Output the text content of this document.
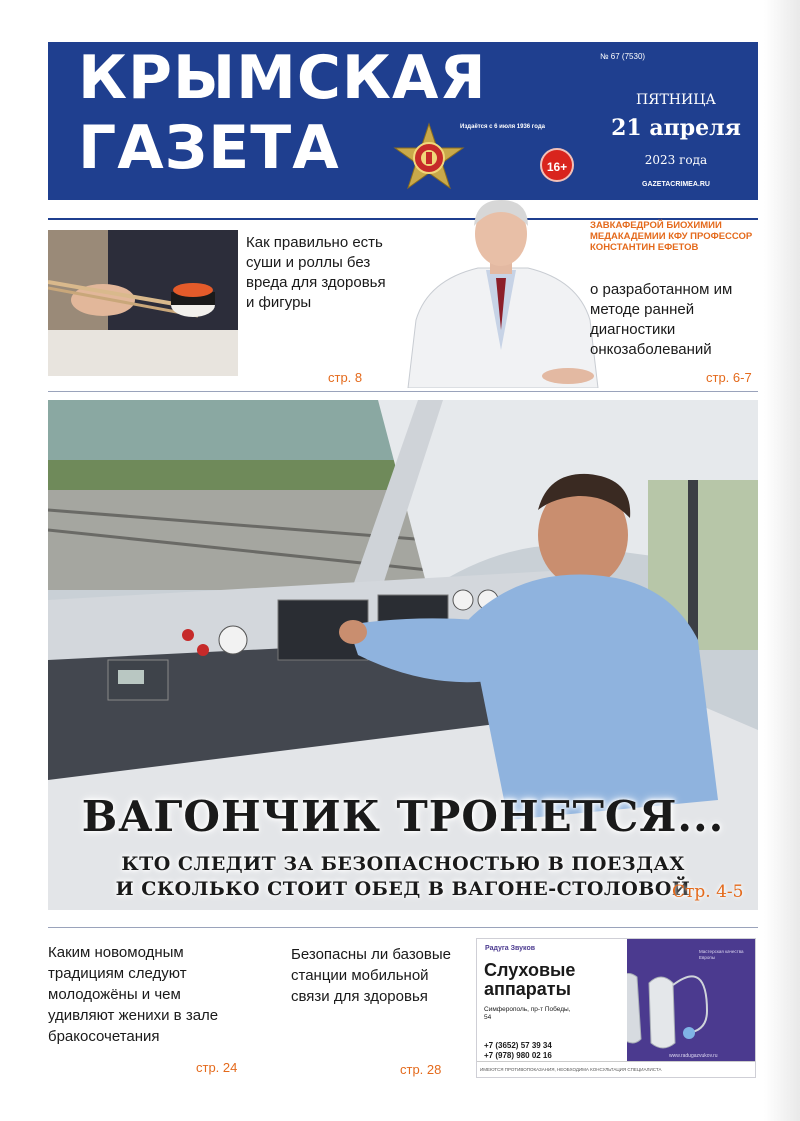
КРЫМСКАЯ
ГАЗЕТА	Издаётся с 6 июля 1936 года
16+
№ 67 (7530)
ПЯТНИЦА
21 апреля
2023 года
GAZETACRIMEA.RU
Как правильно есть суши и роллы без вреда для здоровья и фигуры
стр. 8
ЗАВКАФЕДРОЙ БИОХИМИИ МЕДАКАДЕМИИ КФУ ПРОФЕССОР КОНСТАНТИН ЕФЕТОВ
о разработанном им методе ранней диагностики онкозаболеваний
стр. 6-7
ВАГОНЧИК ТРОНЕТСЯ...
КТО СЛЕДИТ ЗА БЕЗОПАСНОСТЬЮ В ПОЕЗДАХ
И СКОЛЬКО СТОИТ ОБЕД В ВАГОНЕ-СТОЛОВОЙ
Стр. 4-5
Каким новомодным традициям следуют молодожёны и чем удивляют женихи в зале бракосочетания
стр. 24
Безопасны ли базовые станции мобильной связи для здоровья
стр. 28
Радуга Звуков
Слуховые аппараты
Симферополь, пр-т Победы, 54
+7 (3652) 57 39 34
+7 (978) 980 02 16
Мастерская качества Европы
www.radugazvukov.ru
ИМЕЮТСЯ ПРОТИВОПОКАЗАНИЯ, НЕОБХОДИМА КОНСУЛЬТАЦИЯ СПЕЦИАЛИСТА
